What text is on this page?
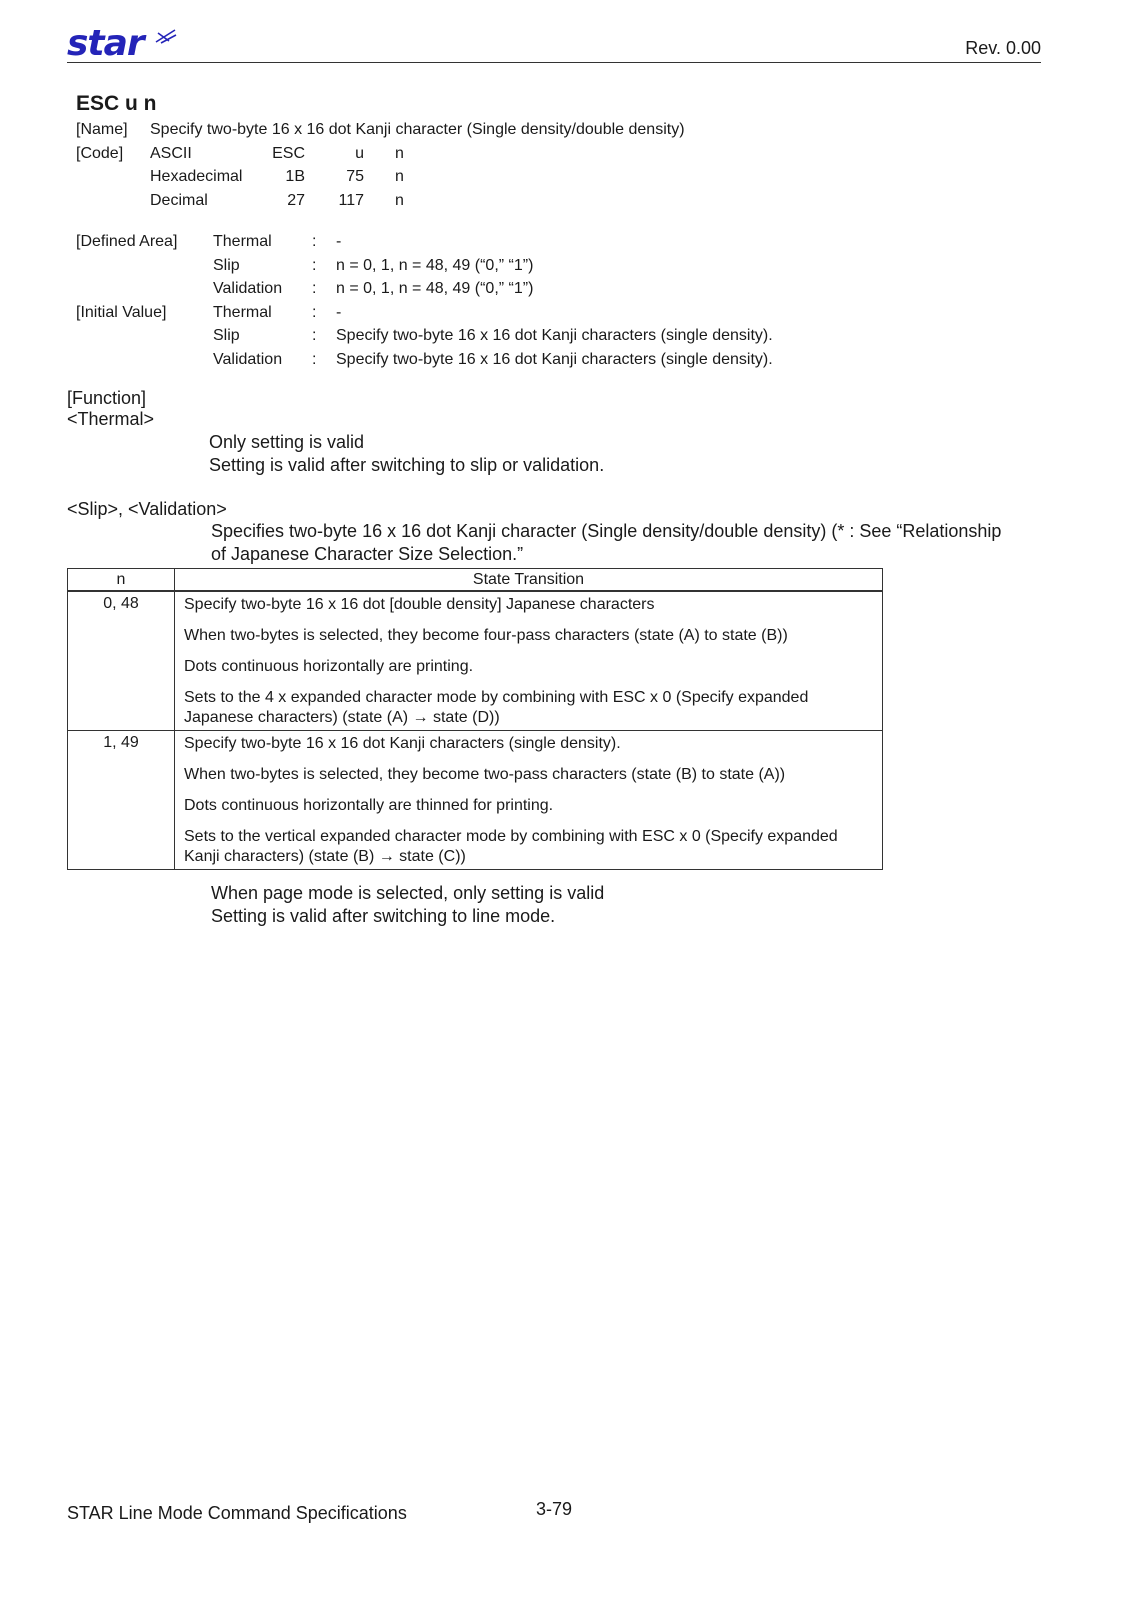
star	Rev. 0.00
ESC u n
[Name] Specify two-byte 16 x 16 dot Kanji character (Single density/double density)
[Code] ASCII	ESC	u n
Hexadecimal	1B	75 n
Decimal	27	117 n
[Defined Area] Thermal	: -
Slip	: n = 0, 1, n = 48, 49 (“0,” “1”)
Validation : n = 0, 1, n = 48, 49 (“0,” “1”)
[Initial Value]	Thermal	: -
Slip	: Specify two-byte 16 x 16 dot Kanji characters (single density).
Validation : Specify two-byte 16 x 16 dot Kanji characters (single density).
[Function]
<Thermal>
Only setting is valid
Setting is valid after switching to slip or validation.
<Slip>, <Validation>
Specifies two-byte 16 x 16 dot Kanji character (Single density/double density) (* : See “Relationship
of Japanese Character Size Selection.”
n	State Transition
0, 48	Specify two-byte 16 x 16 dot [double density] Japanese characters

When two-bytes is selected, they become four-pass characters (state (A) to state (B))

Dots continuous horizontally are printing.

Sets to the 4 x expanded character mode by combining with ESC x 0 (Specify expanded Japanese characters) (state (A) → state (D))

1, 49	Specify two-byte 16 x 16 dot Kanji characters (single density).

When two-bytes is selected, they become two-pass characters (state (B) to state (A))

Dots continuous horizontally are thinned for printing.

Sets to the vertical expanded character mode by combining with ESC x 0 (Specify expanded Kanji characters) (state (B) → state (C))

When page mode is selected, only setting is valid
Setting is valid after switching to line mode.
STAR Line Mode Command Specifications	3-79
